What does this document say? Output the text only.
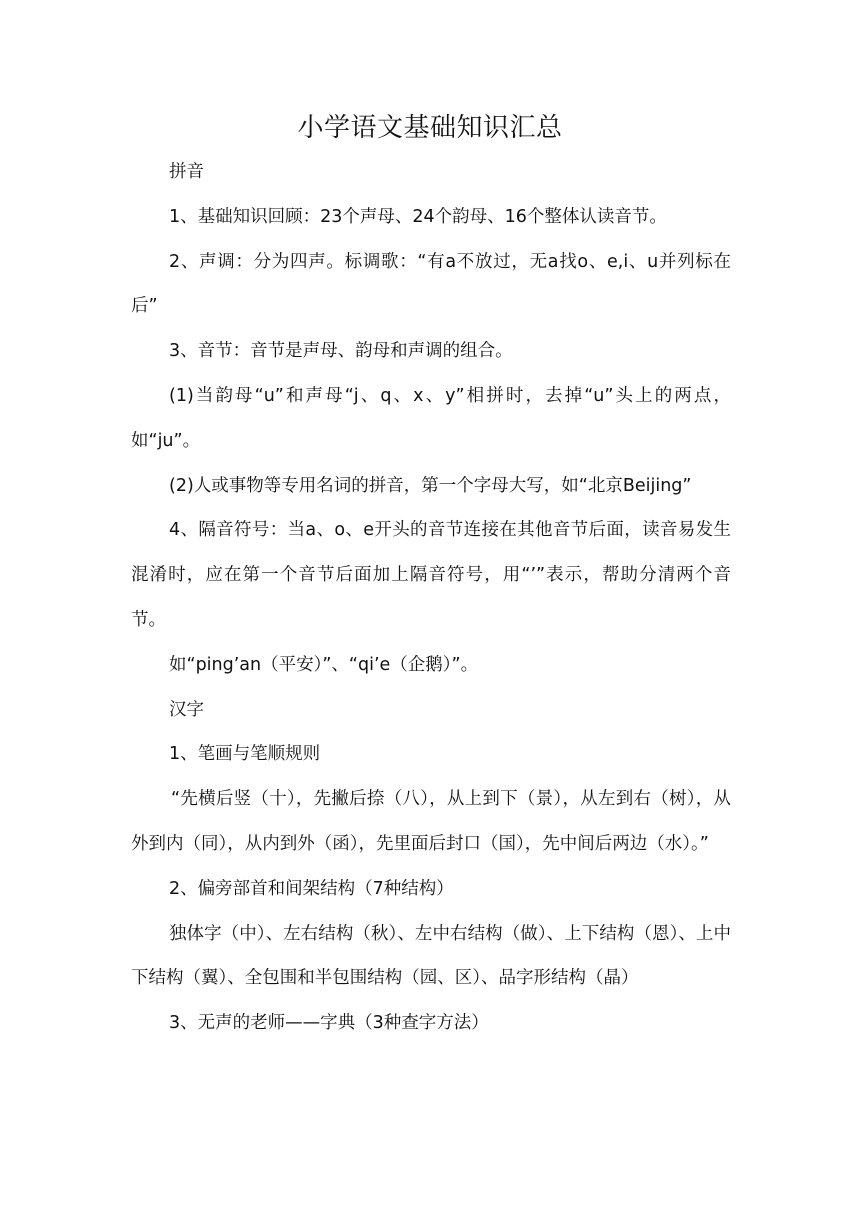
小学语文基础知识汇总

拼音

1、基础知识回顾：23个声母、24个韵母、16个整体认读音节。

2、声调：分为四声。标调歌：“有a不放过，无a找o、e,i、u并列标在后”

3、音节：音节是声母、韵母和声调的组合。

(1)当韵母“u”和声母“j、q、x、y”相拼时，去掉“u”头上的两点，如“ju”。

(2)人或事物等专用名词的拼音，第一个字母大写，如“北京Beijing”

4、隔音符号：当a、o、e开头的音节连接在其他音节后面，读音易发生混淆时，应在第一个音节后面加上隔音符号，用“’”表示，帮助分清两个音节。

如“ping’an（平安）”、“qi’e（企鹅）”。

汉字

1、笔画与笔顺规则

“先横后竖（十），先撇后捺（八），从上到下（景），从左到右（树），从外到内（同），从内到外（函），先里面后封口（国），先中间后两边（水）。”

2、偏旁部首和间架结构（7种结构）

独体字（中）、左右结构（秋）、左中右结构（做）、上下结构（恩）、上中下结构（翼）、全包围和半包围结构（园、区）、品字形结构（晶）

3、无声的老师——字典（3种查字方法）
